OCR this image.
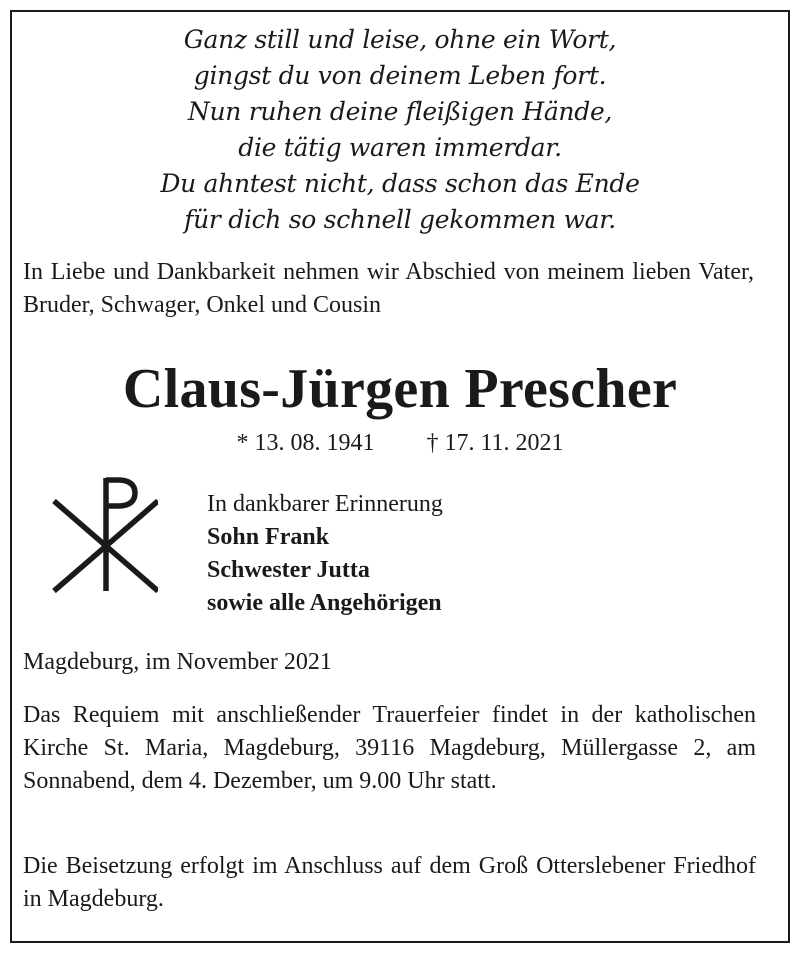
Ganz still und leise, ohne ein Wort,
gingst du von deinem Leben fort.
Nun ruhen deine fleißigen Hände,
die tätig waren immerdar.
Du ahntest nicht, dass schon das Ende
für dich so schnell gekommen war.
In Liebe und Dankbarkeit nehmen wir Abschied von meinem lieben Vater, Bruder, Schwager, Onkel und Cousin
Claus-Jürgen Prescher
* 13. 08. 1941 † 17. 11. 2021
In dankbarer Erinnerung
Sohn Frank
Schwester Jutta
sowie alle Angehörigen
Magdeburg, im November 2021
Das Requiem mit anschließender Trauerfeier findet in der katholischen Kirche St. Maria, Magdeburg, 39116 Magdeburg, Müllergasse 2, am Sonnabend, dem 4. Dezember, um 9.00 Uhr statt.
Die Beisetzung erfolgt im Anschluss auf dem Groß Otterslebener Friedhof in Magdeburg.
